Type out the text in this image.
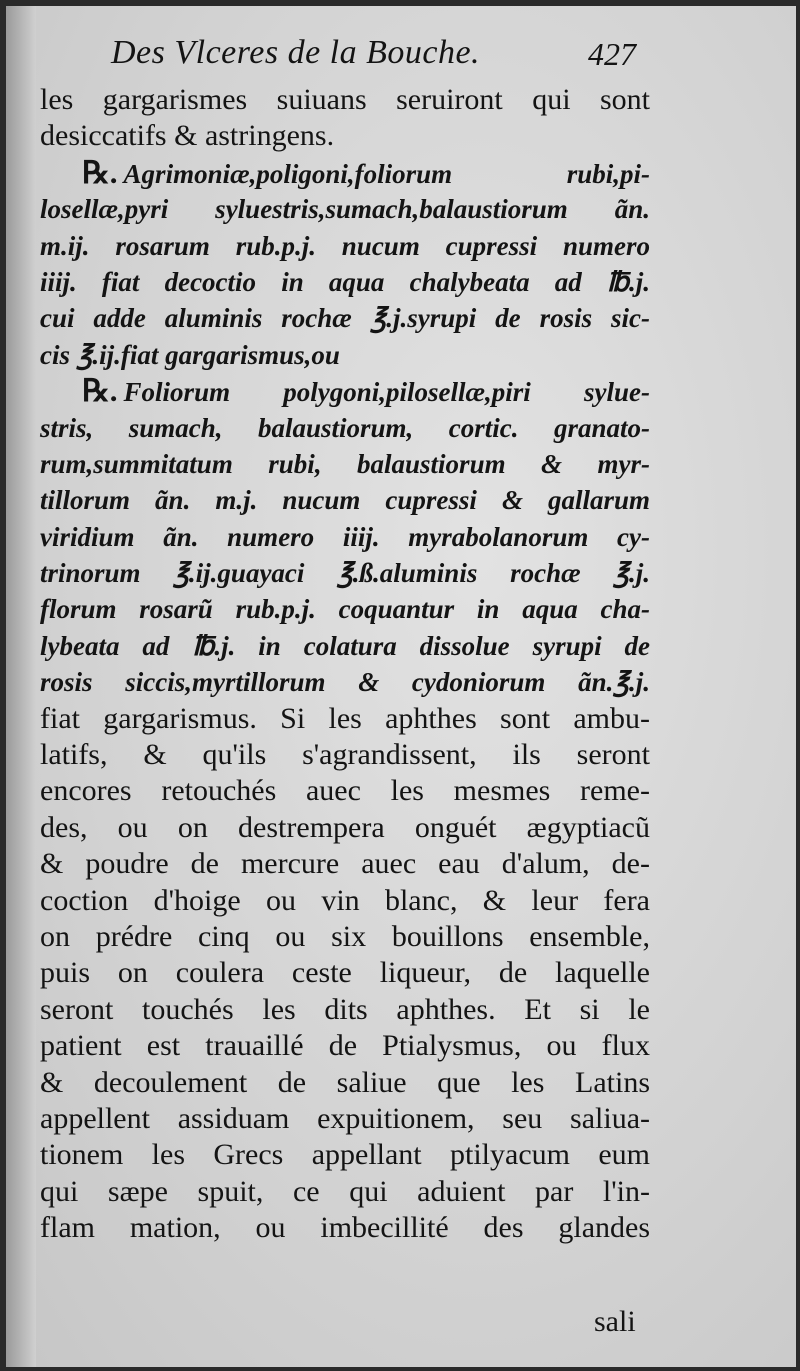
Des Vlceres de la Bouche.	427
les gargarismes suiuans seruiront qui sont
desiccatifs & astringens.
℞. Agrimoniæ,poligoni,foliorum rubi,pi-
losellæ,pyri syluestris,sumach,balaustiorum ãn.
m.ij. rosarum rub.p.j. nucum cupressi numero
iiij. fiat decoctio in aqua chalybeata ad ℔.j.
cui adde aluminis rochæ ℥.j.syrupi de rosis sic-
cis ℥.ij.fiat gargarismus,ou
℞. Foliorum polygoni,pilosellæ,piri sylue-
stris, sumach, balaustiorum, cortic. granato-
rum,summitatum rubi, balaustiorum & myr-
tillorum ãn. m.j. nucum cupressi & gallarum
viridium ãn. numero iiij. myrabolanorum cy-
trinorum ℥.ij.guayaci ℥.ß.aluminis rochæ ℥.j.
florum rosarũ rub.p.j. coquantur in aqua cha-
lybeata ad ℔.j. in colatura dissolue syrupi de
rosis siccis,myrtillorum & cydoniorum ãn.℥.j.
fiat gargarismus. Si les aphthes sont ambu-
latifs, & qu'ils s'agrandissent, ils seront
encores retouchés auec les mesmes reme-
des, ou on destrempera onguét ægyptiacũ
& poudre de mercure auec eau d'alum, de-
coction d'hoige ou vin blanc, & leur fera
on prédre cinq ou six bouillons ensemble,
puis on coulera ceste liqueur, de laquelle
seront touchés les dits aphthes. Et si le
patient est trauaillé de Ptialysmus, ou flux
& decoulement de saliue que les Latins
appellent assiduam expuitionem, seu saliua-
tionem les Grecs appellant ptilyacum eum
qui sæpe spuit, ce qui aduient par l'in-
flam mation, ou imbecillité des glandes
sali
